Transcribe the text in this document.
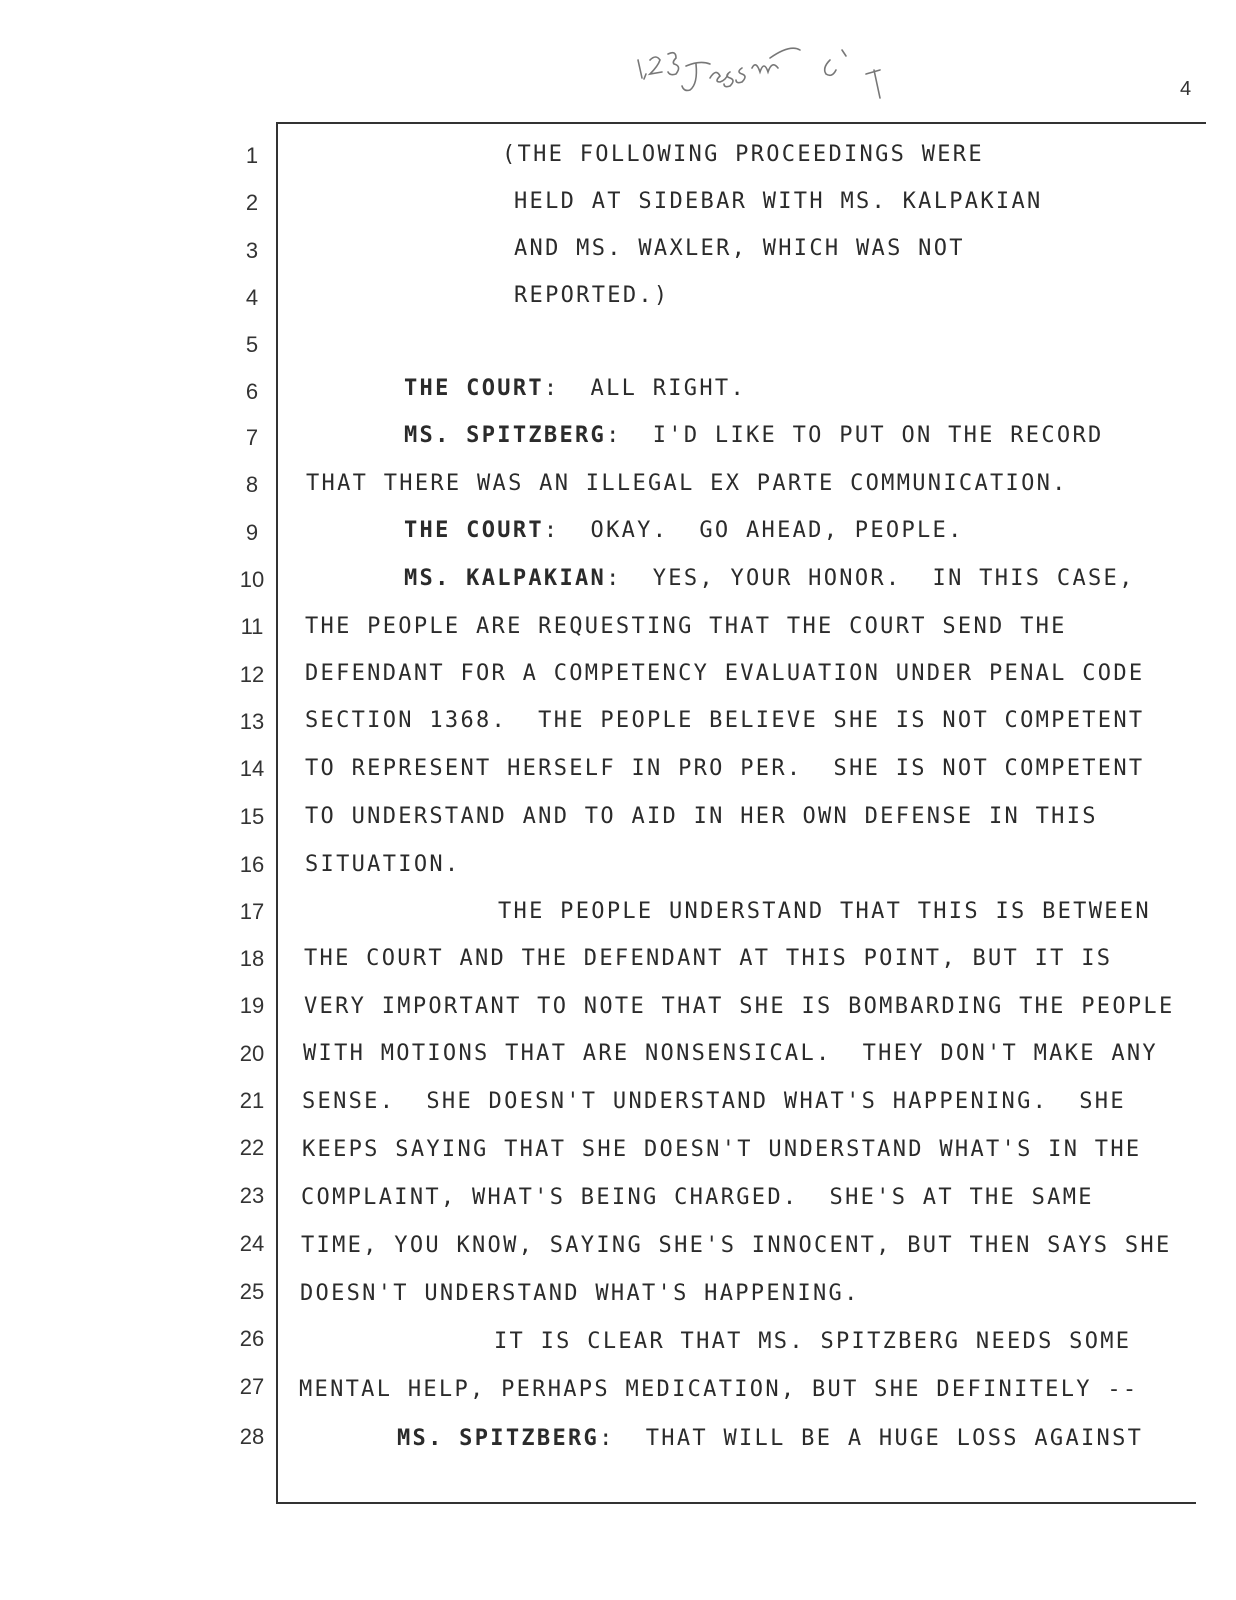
4
1
2
3
4
5
6
7
8
9
10
11
12
13
14
15
16
17
18
19
20
21
22
23
24
25
26
27
28
(THE FOLLOWING PROCEEDINGS WERE
HELD AT SIDEBAR WITH MS. KALPAKIAN
AND MS. WAXLER, WHICH WAS NOT
REPORTED.)
THE COURT:  ALL RIGHT.
MS. SPITZBERG:  I'D LIKE TO PUT ON THE RECORD
THAT THERE WAS AN ILLEGAL EX PARTE COMMUNICATION.
THE COURT:  OKAY.  GO AHEAD, PEOPLE.
MS. KALPAKIAN:  YES, YOUR HONOR.  IN THIS CASE,
THE PEOPLE ARE REQUESTING THAT THE COURT SEND THE
DEFENDANT FOR A COMPETENCY EVALUATION UNDER PENAL CODE
SECTION 1368.  THE PEOPLE BELIEVE SHE IS NOT COMPETENT
TO REPRESENT HERSELF IN PRO PER.  SHE IS NOT COMPETENT
TO UNDERSTAND AND TO AID IN HER OWN DEFENSE IN THIS
SITUATION.
THE PEOPLE UNDERSTAND THAT THIS IS BETWEEN
THE COURT AND THE DEFENDANT AT THIS POINT, BUT IT IS
VERY IMPORTANT TO NOTE THAT SHE IS BOMBARDING THE PEOPLE
WITH MOTIONS THAT ARE NONSENSICAL.  THEY DON'T MAKE ANY
SENSE.  SHE DOESN'T UNDERSTAND WHAT'S HAPPENING.  SHE
KEEPS SAYING THAT SHE DOESN'T UNDERSTAND WHAT'S IN THE
COMPLAINT, WHAT'S BEING CHARGED.  SHE'S AT THE SAME
TIME, YOU KNOW, SAYING SHE'S INNOCENT, BUT THEN SAYS SHE
DOESN'T UNDERSTAND WHAT'S HAPPENING.
IT IS CLEAR THAT MS. SPITZBERG NEEDS SOME
MENTAL HELP, PERHAPS MEDICATION, BUT SHE DEFINITELY --
MS. SPITZBERG:  THAT WILL BE A HUGE LOSS AGAINST
